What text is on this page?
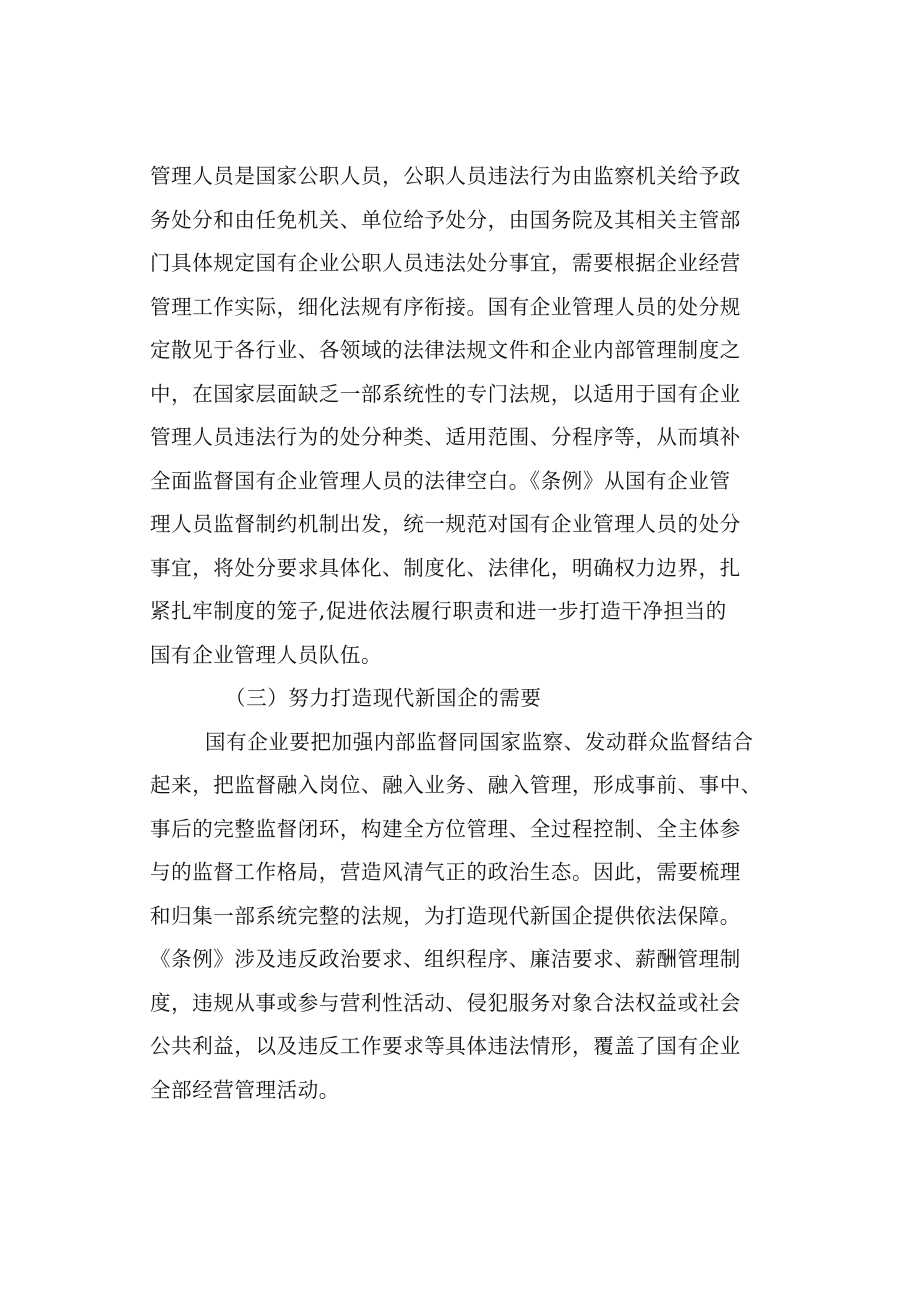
管理人员是国家公职人员，公职人员违法行为由监察机关给予政
务处分和由任免机关、单位给予处分，由国务院及其相关主管部
门具体规定国有企业公职人员违法处分事宜，需要根据企业经营
管理工作实际，细化法规有序衔接。国有企业管理人员的处分规
定散见于各行业、各领域的法律法规文件和企业内部管理制度之
中，在国家层面缺乏一部系统性的专门法规，以适用于国有企业
管理人员违法行为的处分种类、适用范围、分程序等，从而填补
全面监督国有企业管理人员的法律空白。《条例》从国有企业管
理人员监督制约机制出发，统一规范对国有企业管理人员的处分
事宜，将处分要求具体化、制度化、法律化，明确权力边界，扎
紧扎牢制度的笼子,促进依法履行职责和进一步打造干净担当的
国有企业管理人员队伍。
（三）努力打造现代新国企的需要
国有企业要把加强内部监督同国家监察、发动群众监督结合
起来，把监督融入岗位、融入业务、融入管理，形成事前、事中、
事后的完整监督闭环，构建全方位管理、全过程控制、全主体参
与的监督工作格局，营造风清气正的政治生态。因此，需要梳理
和归集一部系统完整的法规，为打造现代新国企提供依法保障。
《条例》涉及违反政治要求、组织程序、廉洁要求、薪酬管理制
度，违规从事或参与营利性活动、侵犯服务对象合法权益或社会
公共利益，以及违反工作要求等具体违法情形，覆盖了国有企业
全部经营管理活动。
